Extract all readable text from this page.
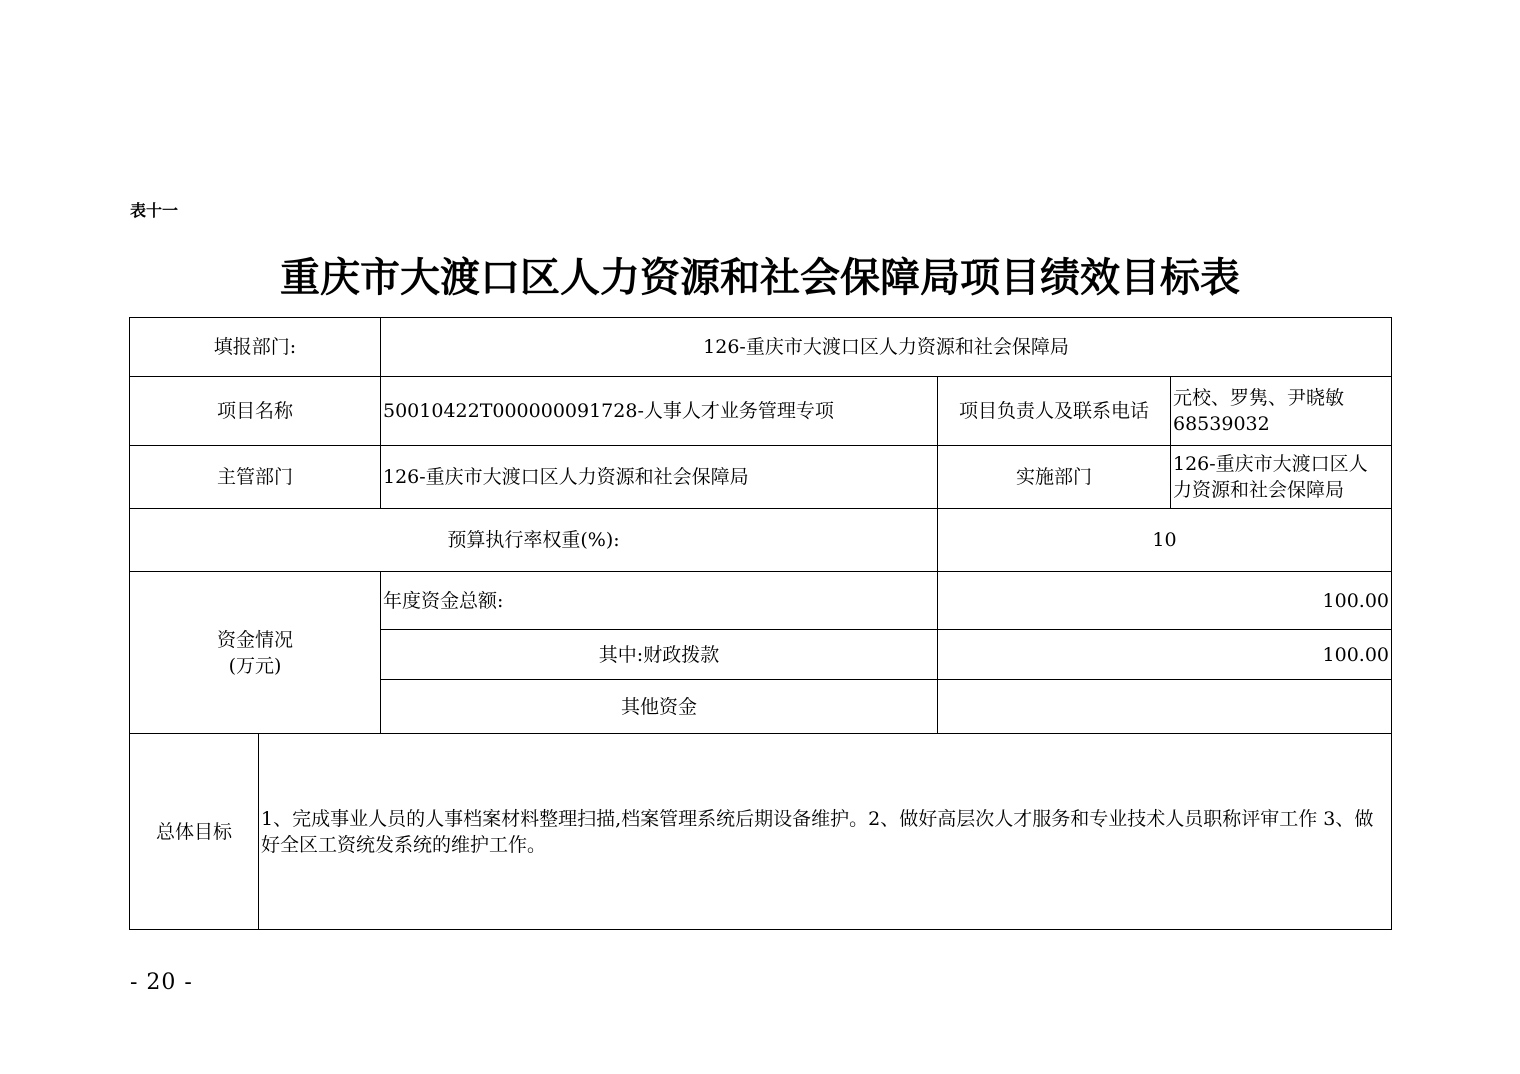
表十一
重庆市大渡口区人力资源和社会保障局项目绩效目标表
填报部门:		126-重庆市大渡口区人力资源和社会保障局		
项目名称		50010422T000000091728-人事人才业务管理专项	项目负责人及联系电话	元校、罗隽、尹晓敏
68539032

主管部门		126-重庆市大渡口区人力资源和社会保障局	实施部门	126-重庆市大渡口区人
力资源和社会保障局

预算执行率权重(%):			10	

资金情况
(万元)		年度资金总额:	100.00	
		其中:财政拨款	100.00	
		其他资金		
总体目标	1、完成事业人员的人事档案材料整理扫描,档案管理系统后期设备维护。2、做好高层次人才服务和专业技术人员职称评审工作 3、做好全区工资统发系统的维护工作。			
- 20 -
